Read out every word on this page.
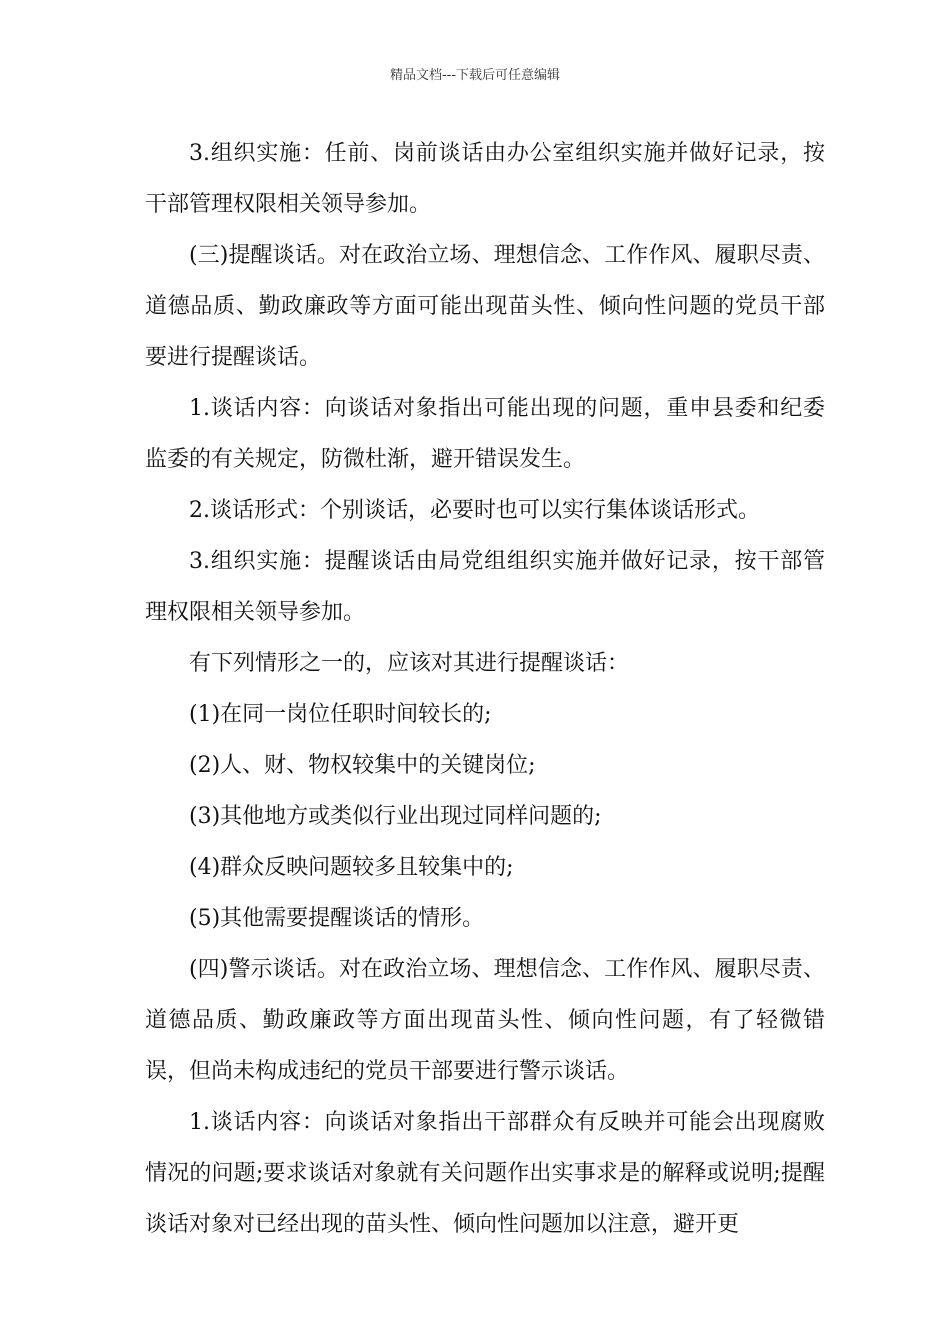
精品文档---下载后可任意编辑

3.组织实施：任前、岗前谈话由办公室组织实施并做好记录，按干部管理权限相关领导参加。

(三)提醒谈话。对在政治立场、理想信念、工作作风、履职尽责、道德品质、勤政廉政等方面可能出现苗头性、倾向性问题的党员干部要进行提醒谈话。

1.谈话内容：向谈话对象指出可能出现的问题，重申县委和纪委监委的有关规定，防微杜渐，避开错误发生。

2.谈话形式：个别谈话，必要时也可以实行集体谈话形式。

3.组织实施：提醒谈话由局党组组织实施并做好记录，按干部管理权限相关领导参加。

有下列情形之一的，应该对其进行提醒谈话：

(1)在同一岗位任职时间较长的;

(2)人、财、物权较集中的关键岗位;

(3)其他地方或类似行业出现过同样问题的;

(4)群众反映问题较多且较集中的;

(5)其他需要提醒谈话的情形。

(四)警示谈话。对在政治立场、理想信念、工作作风、履职尽责、道德品质、勤政廉政等方面出现苗头性、倾向性问题，有了轻微错误，但尚未构成违纪的党员干部要进行警示谈话。

1.谈话内容：向谈话对象指出干部群众有反映并可能会出现腐败情况的问题;要求谈话对象就有关问题作出实事求是的解释或说明;提醒谈话对象对已经出现的苗头性、倾向性问题加以注意，避开更
